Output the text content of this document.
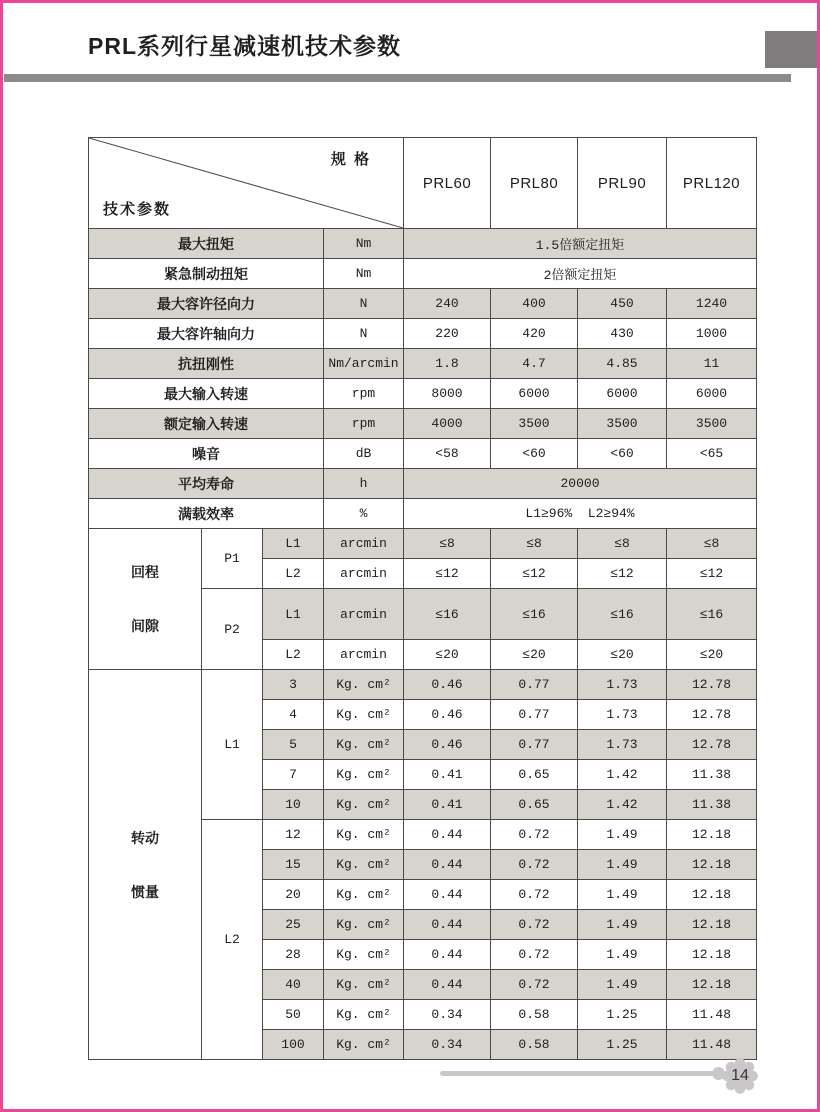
PRL系列行星减速机技术参数

规 格

技术参数				PRL60	PRL80	PRL90	PRL120
最大扭矩			Nm	1.5倍额定扭矩			
紧急制动扭矩			Nm	2倍额定扭矩			
最大容许径向力			N	240	400	450	1240
最大容许轴向力			N	220	420	430	1000
抗扭刚性			Nm/arcmin	1.8	4.7	4.85	11
最大输入转速			rpm	8000	6000	6000	6000
额定输入转速			rpm	4000	3500	3500	3500
噪音			dB	<58	<60	<60	<65
平均寿命			h	20000			
满载效率			%	L1≥96%  L2≥94%			

回程

间隙	P1	L1	arcmin	≤8	≤8	≤8	≤8
		L2	arcmin	≤12	≤12	≤12	≤12
	P2	L1	arcmin	≤16	≤16	≤16	≤16
		L2	arcmin	≤20	≤20	≤20	≤20

转动

惯量	L1	3	Kg. cm²	0.46	0.77	1.73	12.78
		4	Kg. cm²	0.46	0.77	1.73	12.78
		5	Kg. cm²	0.46	0.77	1.73	12.78
		7	Kg. cm²	0.41	0.65	1.42	11.38
		10	Kg. cm²	0.41	0.65	1.42	11.38
	L2	12	Kg. cm²	0.44	0.72	1.49	12.18
		15	Kg. cm²	0.44	0.72	1.49	12.18
		20	Kg. cm²	0.44	0.72	1.49	12.18
		25	Kg. cm²	0.44	0.72	1.49	12.18
		28	Kg. cm²	0.44	0.72	1.49	12.18
		40	Kg. cm²	0.44	0.72	1.49	12.18
		50	Kg. cm²	0.34	0.58	1.25	11.48
		100	Kg. cm²	0.34	0.58	1.25	11.48
14
